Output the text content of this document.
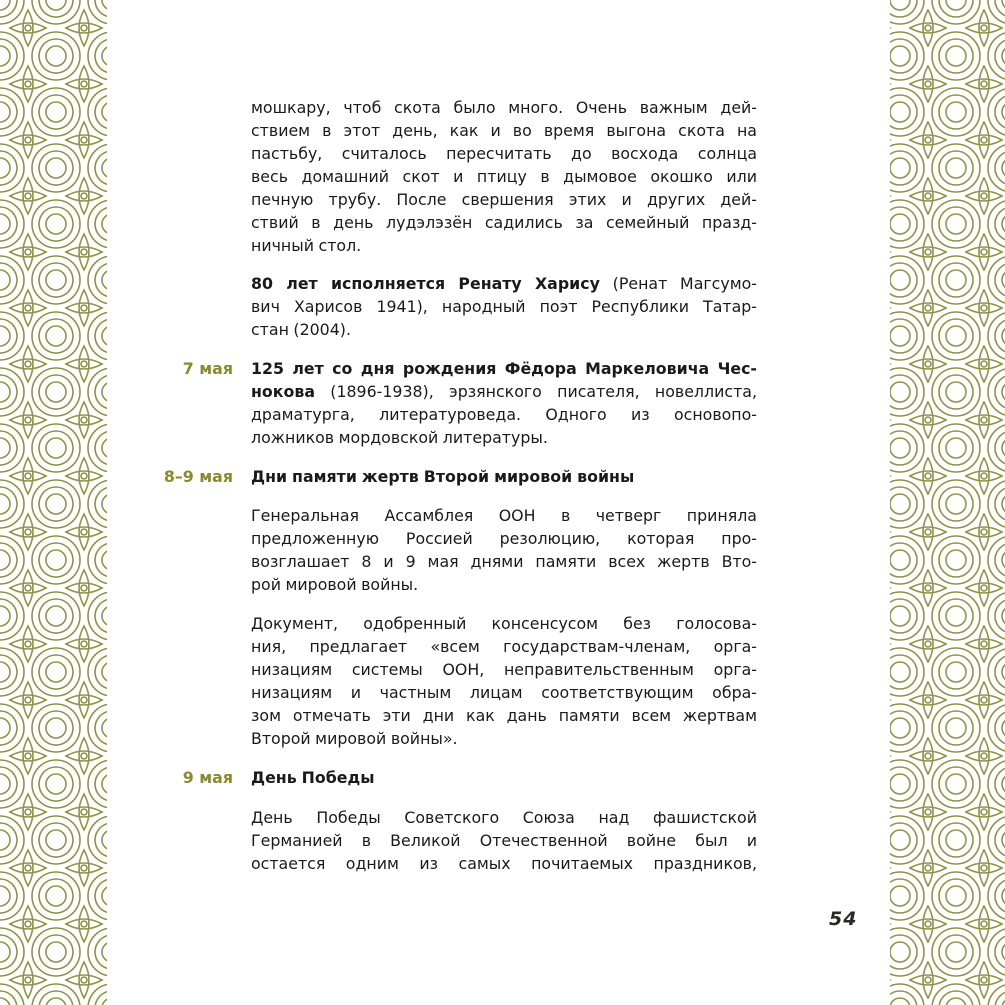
мошкару, чтоб скота было много. Очень важным дей-
ствием в этот день, как и во время выгона скота на
пастьбу, считалось пересчитать до восхода солнца
весь домашний скот и птицу в дымовое окошко или
печную трубу. После свершения этих и других дей-
ствий в день лудэлэзён садились за семейный празд-
ничный стол.
80 лет исполняется Ренату Харису (Ренат Магсумо-
вич Харисов 1941), народный поэт Республики Татар-
стан (2004).
7 мая 125 лет со дня рождения Фёдора Маркеловича Чес-
нокова (1896-1938), эрзянского писателя, новеллиста,
драматурга, литературоведа. Одного из основопо-
ложников мордовской литературы.
8–9 мая Дни памяти жертв Второй мировой войны
Генеральная Ассамблея ООН в четверг приняла
предложенную Россией резолюцию, которая про-
возглашает 8 и 9 мая днями памяти всех жертв Вто-
рой мировой войны.
Документ, одобренный консенсусом без голосова-
ния, предлагает «всем государствам-членам, орга-
низациям системы ООН, неправительственным орга-
низациям и частным лицам соответствующим обра-
зом отмечать эти дни как дань памяти всем жертвам
Второй мировой войны».
9 мая День Победы
День Победы Советского Союза над фашистской
Германией в Великой Отечественной войне был и
остается одним из самых почитаемых праздников,
54
